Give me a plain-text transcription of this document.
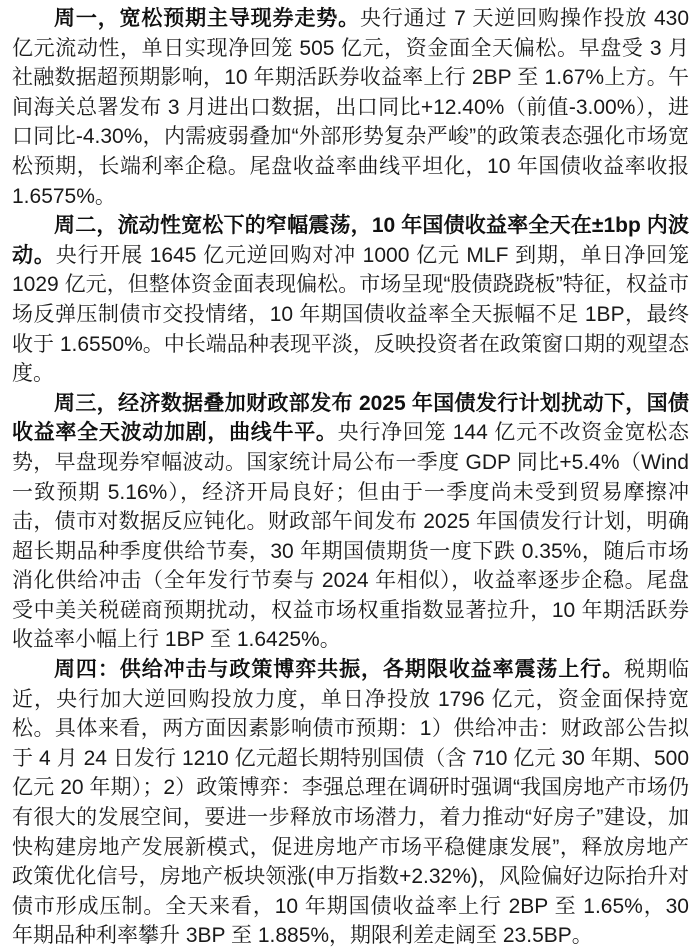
周一，宽松预期主导现券走势。央行通过 7 天逆回购操作投放 430 亿元流动性，单日实现净回笼 505 亿元，资金面全天偏松。早盘受 3 月社融数据超预期影响，10 年期活跃券收益率上行 2BP 至 1.67%上方。午间海关总署发布 3 月进出口数据，出口同比+12.40%（前值-3.00%），进口同比-4.30%，内需疲弱叠加“外部形势复杂严峻”的政策表态强化市场宽松预期，长端利率企稳。尾盘收益率曲线平坦化，10 年国债收益率收报 1.6575%。

周二，流动性宽松下的窄幅震荡，10 年国债收益率全天在±1bp 内波动。央行开展 1645 亿元逆回购对冲 1000 亿元 MLF 到期，单日净回笼 1029 亿元，但整体资金面表现偏松。市场呈现“股债跷跷板”特征，权益市场反弹压制债市交投情绪，10 年期国债收益率全天振幅不足 1BP，最终收于 1.6550%。中长端品种表现平淡，反映投资者在政策窗口期的观望态度。

周三，经济数据叠加财政部发布 2025 年国债发行计划扰动下，国债收益率全天波动加剧，曲线牛平。央行净回笼 144 亿元不改资金宽松态势，早盘现券窄幅波动。国家统计局公布一季度 GDP 同比+5.4%（Wind 一致预期 5.16%），经济开局良好；但由于一季度尚未受到贸易摩擦冲击，债市对数据反应钝化。财政部午间发布 2025 年国债发行计划，明确超长期品种季度供给节奏，30 年期国债期货一度下跌 0.35%，随后市场消化供给冲击（全年发行节奏与 2024 年相似），收益率逐步企稳。尾盘受中美关税磋商预期扰动，权益市场权重指数显著拉升，10 年期活跃券收益率小幅上行 1BP 至 1.6425%。

周四：供给冲击与政策博弈共振，各期限收益率震荡上行。税期临近，央行加大逆回购投放力度，单日净投放 1796 亿元，资金面保持宽松。具体来看，两方面因素影响债市预期：1）供给冲击：财政部公告拟于 4 月 24 日发行 1210 亿元超长期特别国债（含 710 亿元 30 年期、500 亿元 20 年期）；2）政策博弈：李强总理在调研时强调“我国房地产市场仍有很大的发展空间，要进一步释放市场潜力，着力推动“好房子”建设，加快构建房地产发展新模式，促进房地产市场平稳健康发展”，释放房地产政策优化信号，房地产板块领涨(申万指数+2.32%)，风险偏好边际抬升对债市形成压制。全天来看，10 年期国债收益率上行 2BP 至 1.65%，30 年期品种利率攀升 3BP 至 1.885%，期限利差走阔至 23.5BP。
